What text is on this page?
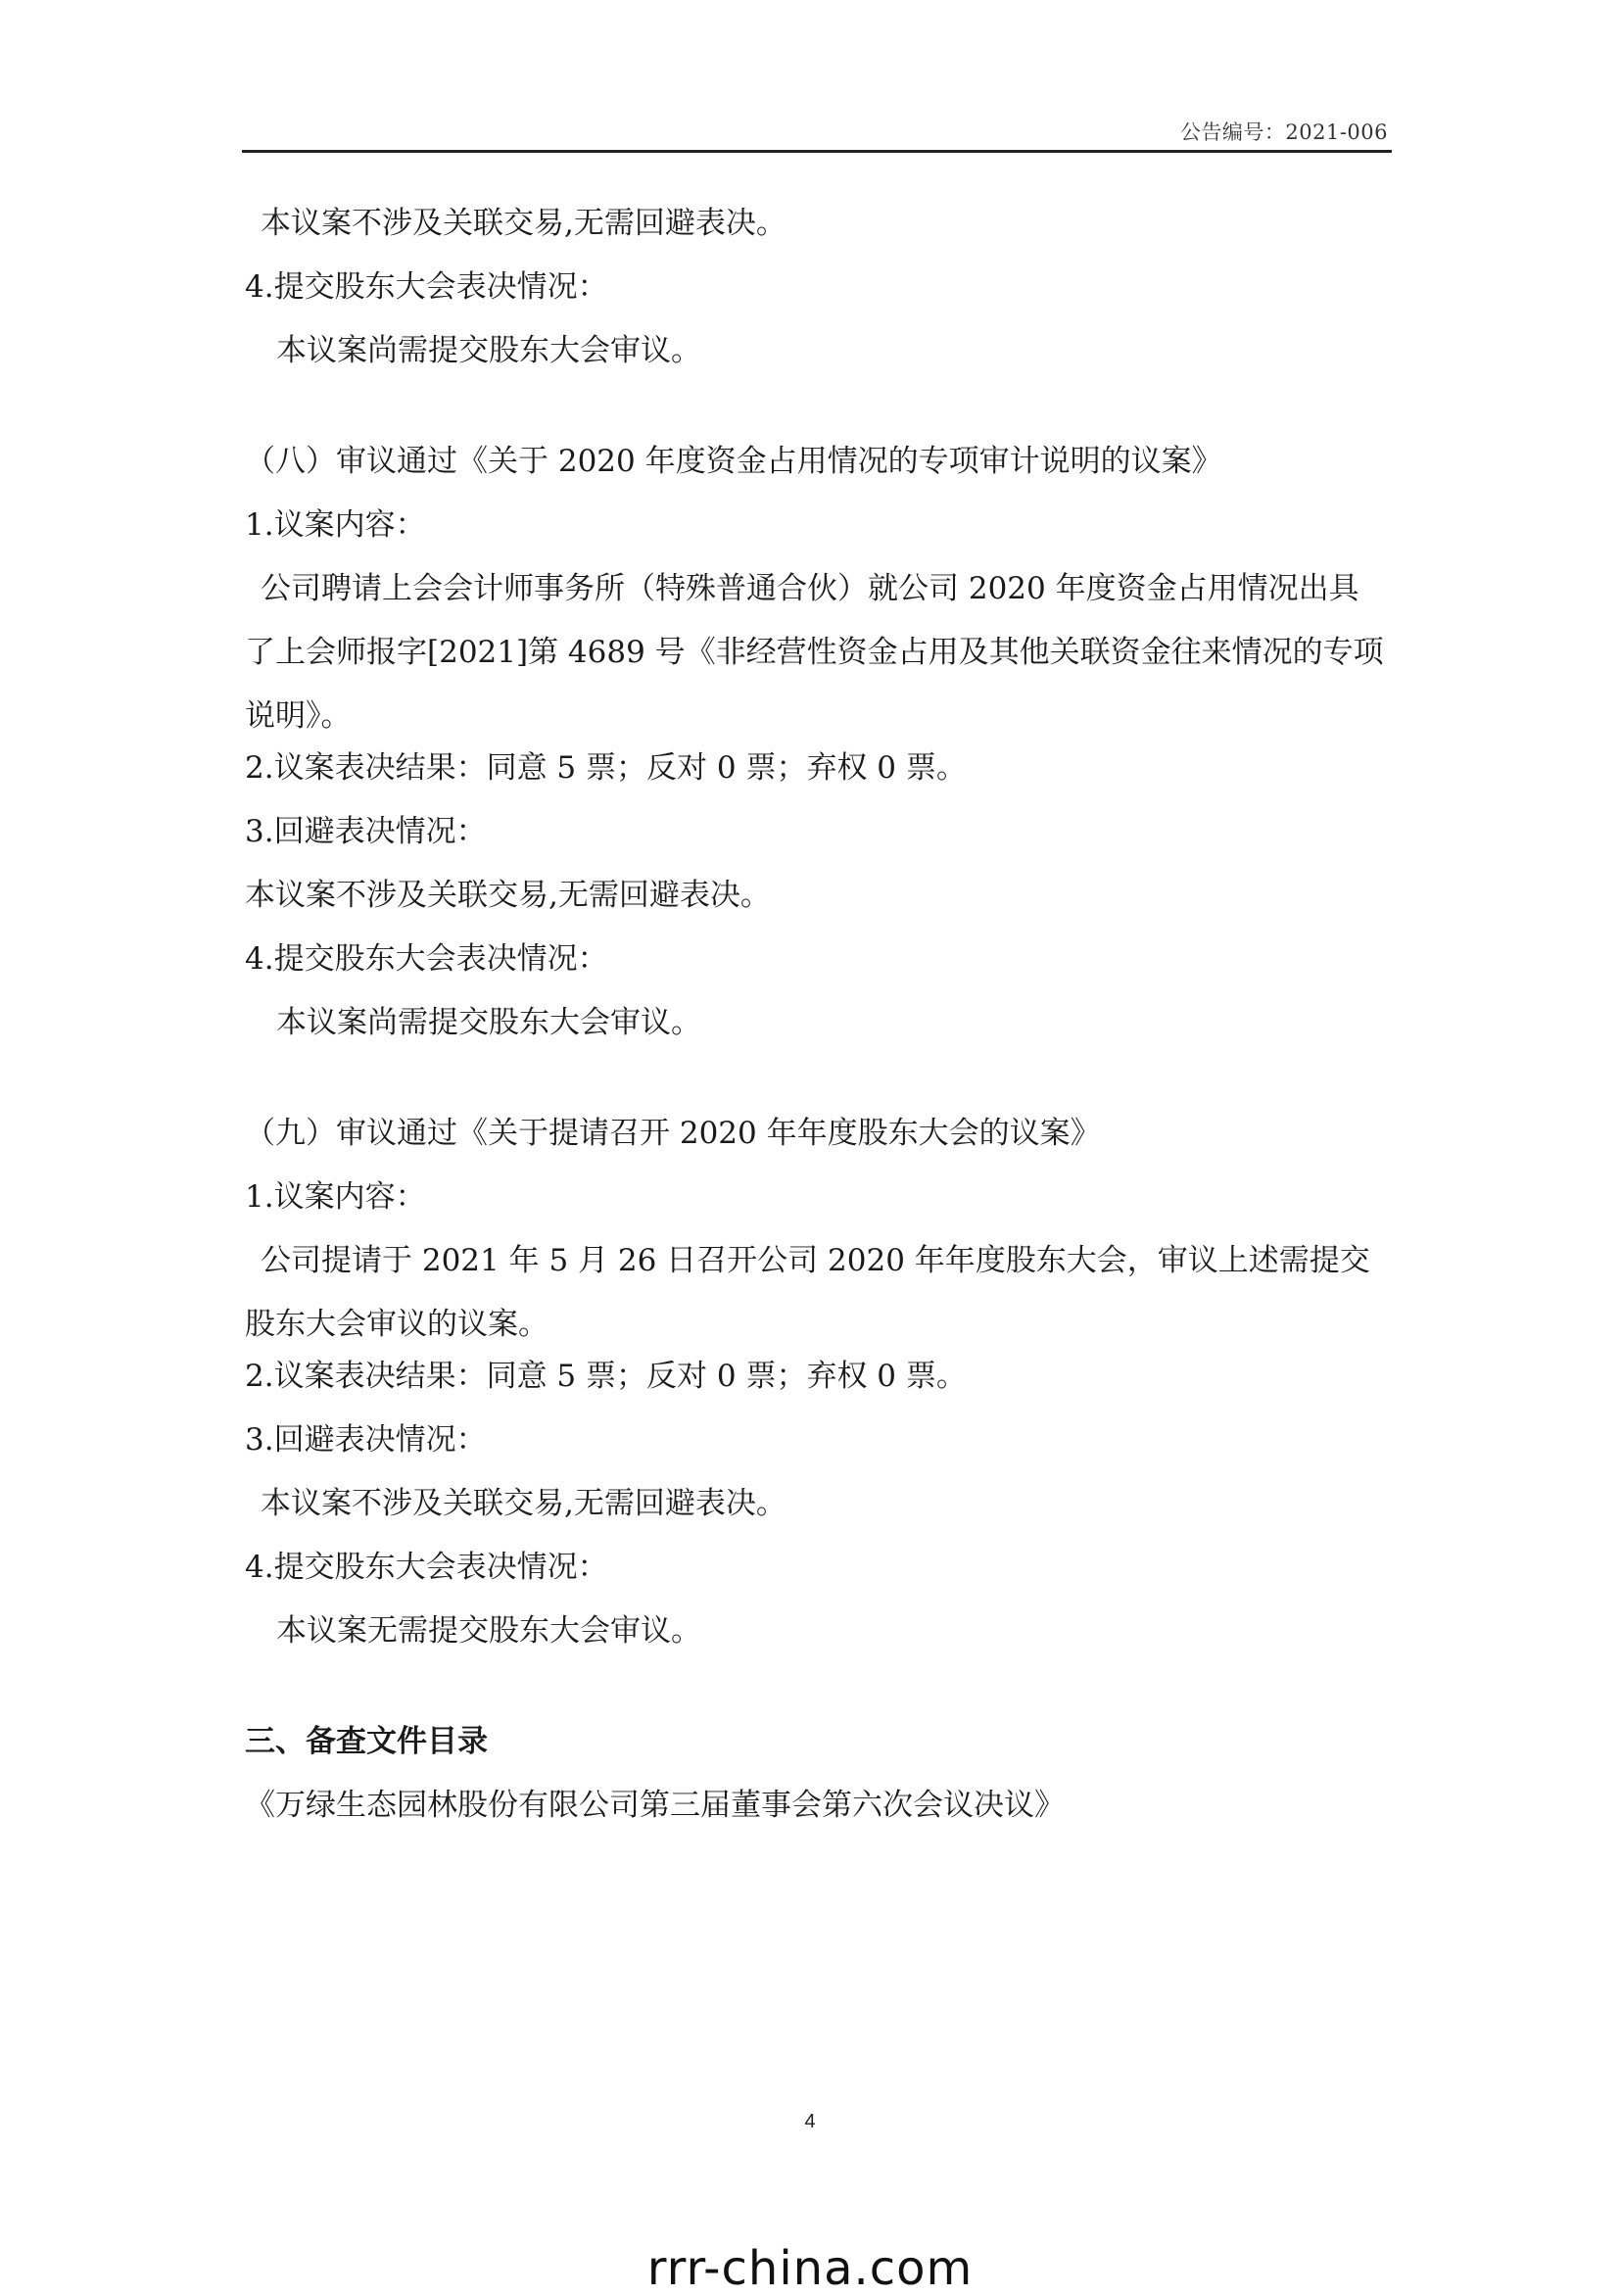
公告编号：2021-006
本议案不涉及关联交易,无需回避表决。
4.提交股东大会表决情况：
本议案尚需提交股东大会审议。
（八）审议通过《关于 2020 年度资金占用情况的专项审计说明的议案》
1.议案内容：
公司聘请上会会计师事务所（特殊普通合伙）就公司 2020 年度资金占用情况出具了上会师报字[2021]第 4689 号《非经营性资金占用及其他关联资金往来情况的专项说明》。
2.议案表决结果：同意 5 票；反对 0 票；弃权 0 票。
3.回避表决情况：
本议案不涉及关联交易,无需回避表决。
4.提交股东大会表决情况：
本议案尚需提交股东大会审议。
（九）审议通过《关于提请召开 2020 年年度股东大会的议案》
1.议案内容：
公司提请于 2021 年 5 月 26 日召开公司 2020 年年度股东大会，审议上述需提交股东大会审议的议案。
2.议案表决结果：同意 5 票；反对 0 票；弃权 0 票。
3.回避表决情况：
本议案不涉及关联交易,无需回避表决。
4.提交股东大会表决情况：
本议案无需提交股东大会审议。
三、备查文件目录
《万绿生态园林股份有限公司第三届董事会第六次会议决议》
4
rrr-china.com
